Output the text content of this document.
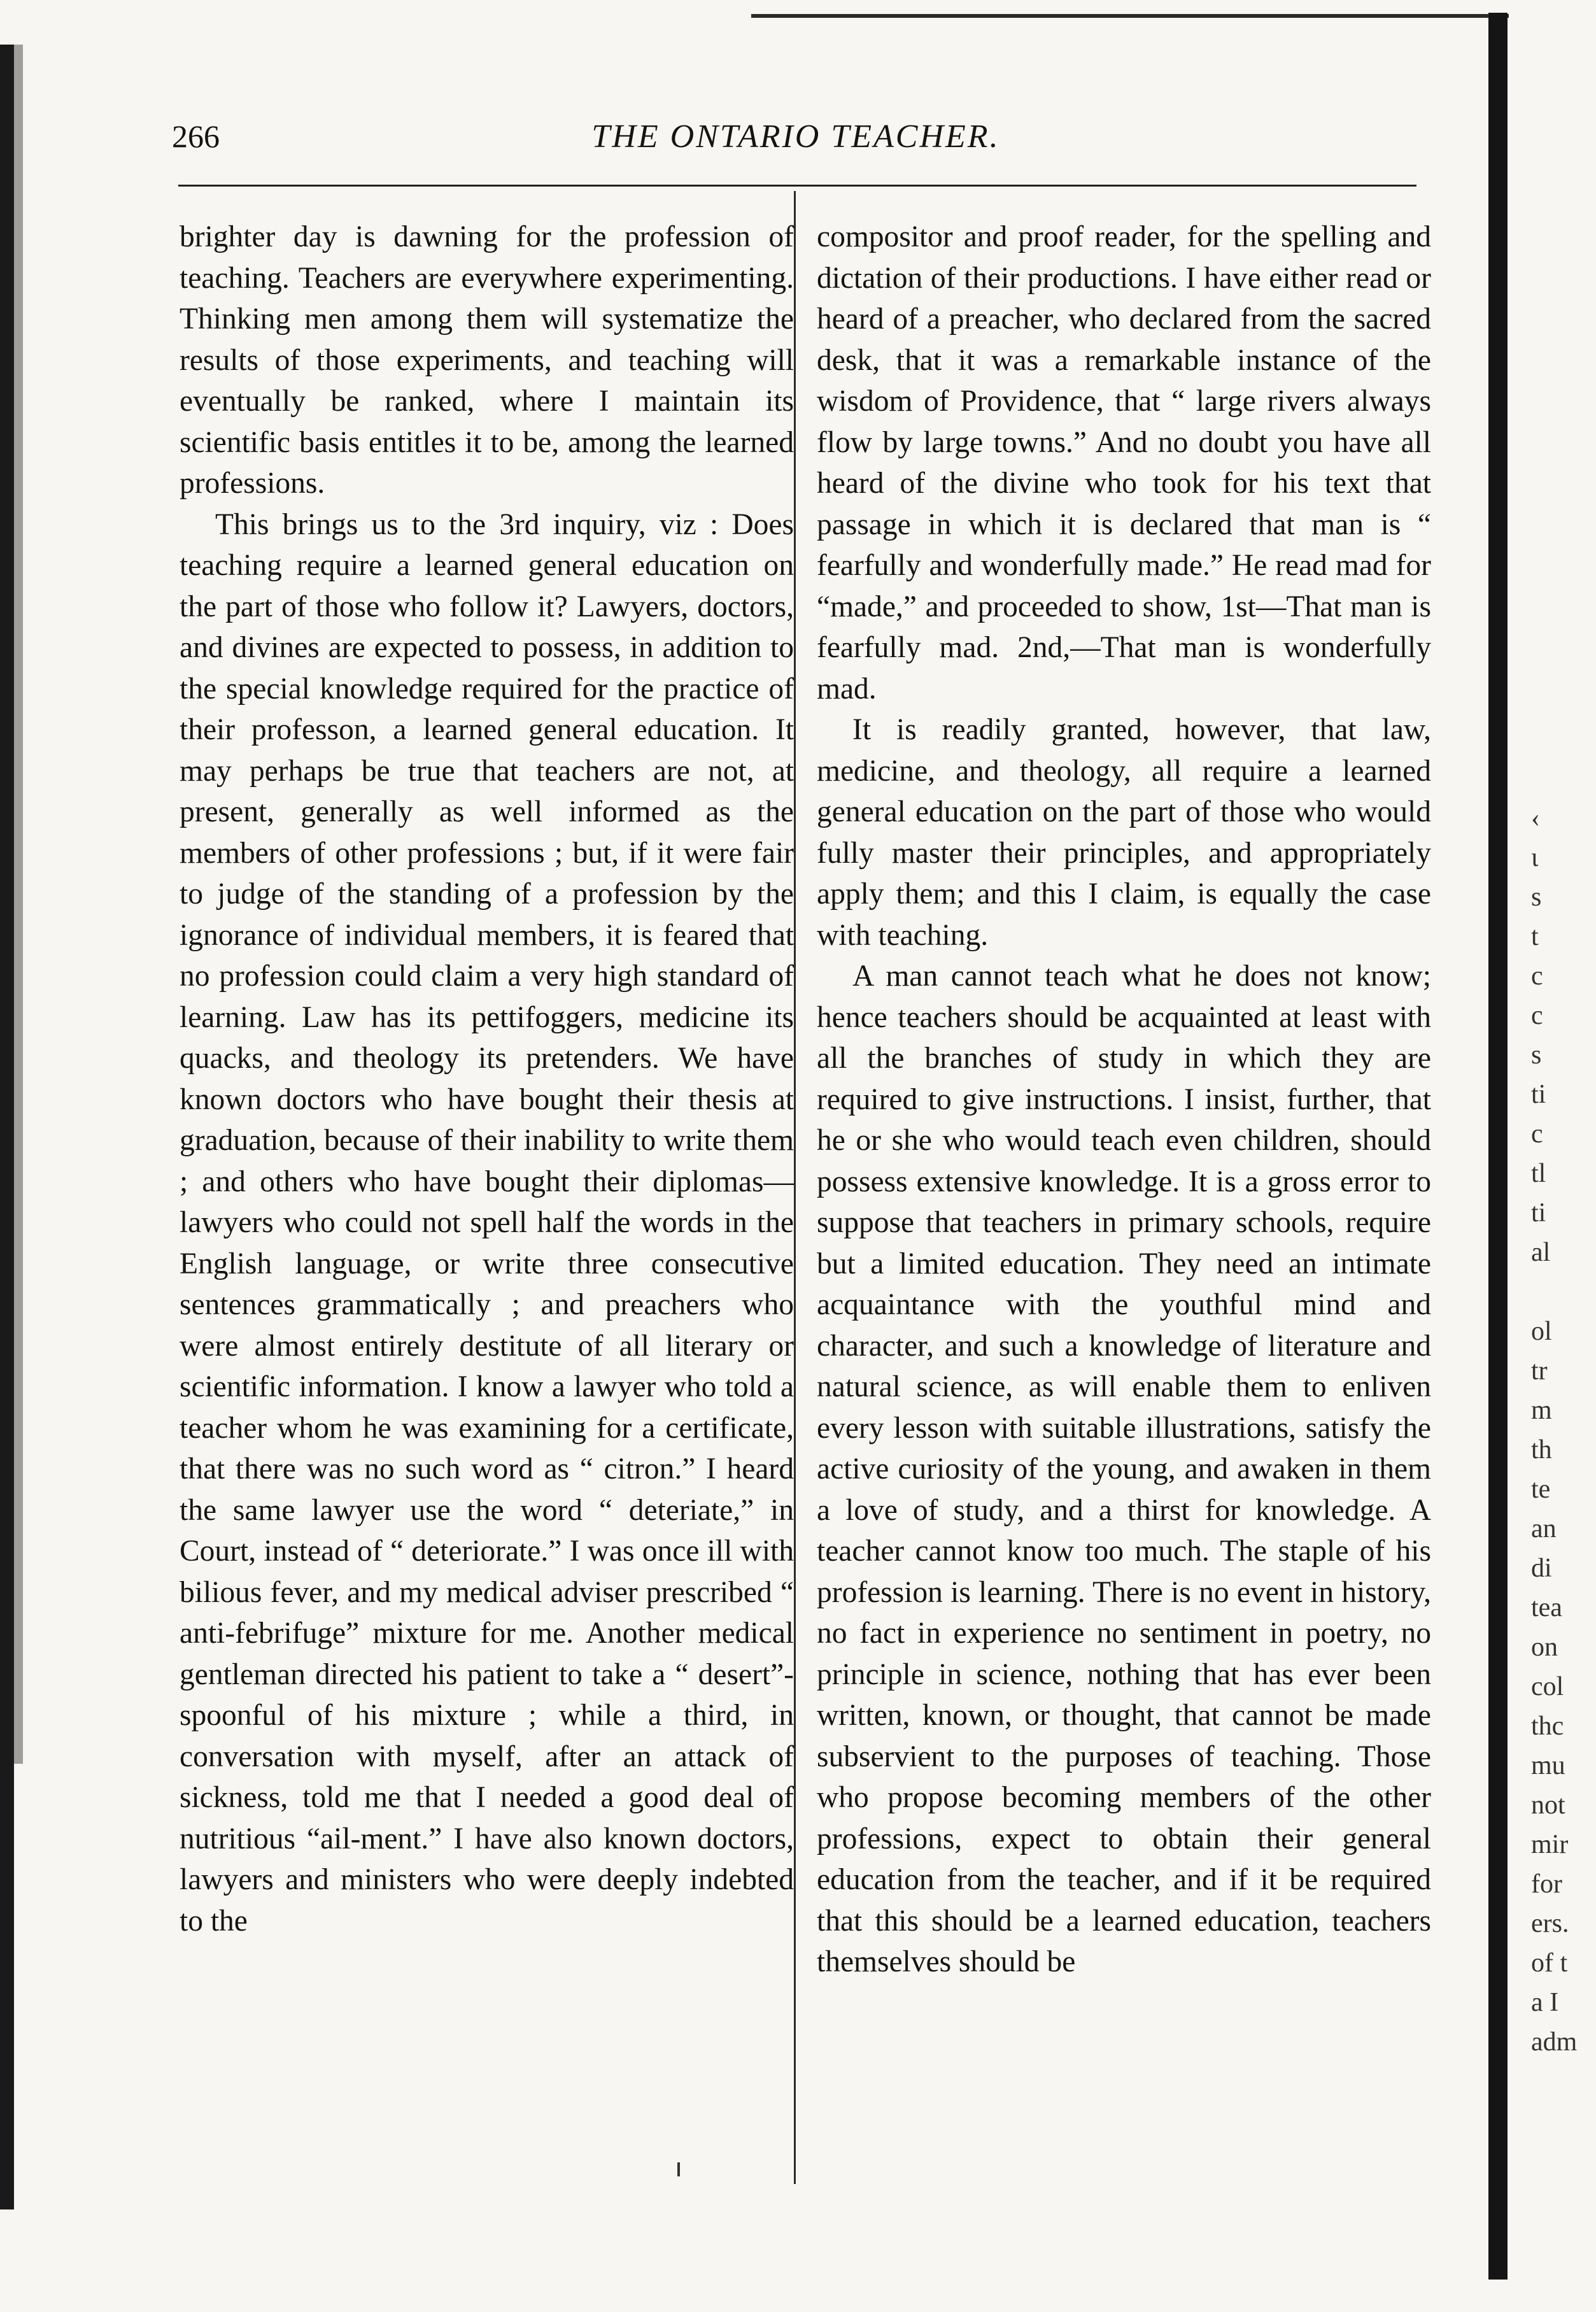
266	THE ONTARIO TEACHER.

brighter day is dawning for the profession of teaching. Teachers are everywhere experimenting. Thinking men among them will systematize the results of those experiments, and teaching will eventually be ranked, where I maintain its scientific basis entitles it to be, among the learned professions.

This brings us to the 3rd inquiry, viz : Does teaching require a learned general education on the part of those who follow it? Lawyers, doctors, and divines are expected to possess, in addition to the special knowledge required for the practice of their professon, a learned general education. It may perhaps be true that teachers are not, at present, generally as well informed as the members of other professions ; but, if it were fair to judge of the standing of a profession by the ignorance of individual members, it is feared that no profession could claim a very high standard of learning. Law has its pettifoggers, medicine its quacks, and theology its pretenders. We have known doctors who have bought their thesis at graduation, because of their inability to write them ; and others who have bought their diplomas—lawyers who could not spell half the words in the English language, or write three consecutive sentences grammatically ; and preachers who were almost entirely destitute of all literary or scientific information. I know a lawyer who told a teacher whom he was examining for a certificate, that there was no such word as “ citron.” I heard the same lawyer use the word “ deteriate,” in Court, instead of “ deteriorate.” I was once ill with bilious fever, and my medical adviser prescribed “ anti-febrifuge” mixture for me. Another medical gentleman directed his patient to take a “ desert”-spoonful of his mixture ; while a third, in conversation with myself, after an attack of sickness, told me that I needed a good deal of nutritious “ail-ment.” I have also known doctors, lawyers and ministers who were deeply indebted to the

compositor and proof reader, for the spelling and dictation of their productions. I have either read or heard of a preacher, who declared from the sacred desk, that it was a remarkable instance of the wisdom of Providence, that “ large rivers always flow by large towns.” And no doubt you have all heard of the divine who took for his text that passage in which it is declared that man is “ fearfully and wonderfully made.” He read mad for “made,” and proceeded to show, 1st—That man is fearfully mad. 2nd,—That man is wonderfully mad.

It is readily granted, however, that law, medicine, and theology, all require a learned general education on the part of those who would fully master their principles, and appropriately apply them; and this I claim, is equally the case with teaching.

A man cannot teach what he does not know; hence teachers should be acquainted at least with all the branches of study in which they are required to give instructions. I insist, further, that he or she who would teach even children, should possess extensive knowledge. It is a gross error to suppose that teachers in primary schools, require but a limited education. They need an intimate acquaintance with the youthful mind and character, and such a knowledge of literature and natural science, as will enable them to enliven every lesson with suitable illustrations, satisfy the active curiosity of the young, and awaken in them a love of study, and a thirst for knowledge. A teacher cannot know too much. The staple of his profession is learning. There is no event in history, no fact in experience no sentiment in poetry, no principle in science, nothing that has ever been written, known, or thought, that cannot be made subservient to the purposes of teaching. Those who propose becoming members of the other professions, expect to obtain their general education from the teacher, and if it be required that this should be a learned education, teachers themselves should be

‹
ι
s
t
c
c
s
ti
c
tl
ti
al
ol
tr
m
th
te
an
di
tea
on
col
thc
mu
not
mir
for
ers.
of t
a I
adm
